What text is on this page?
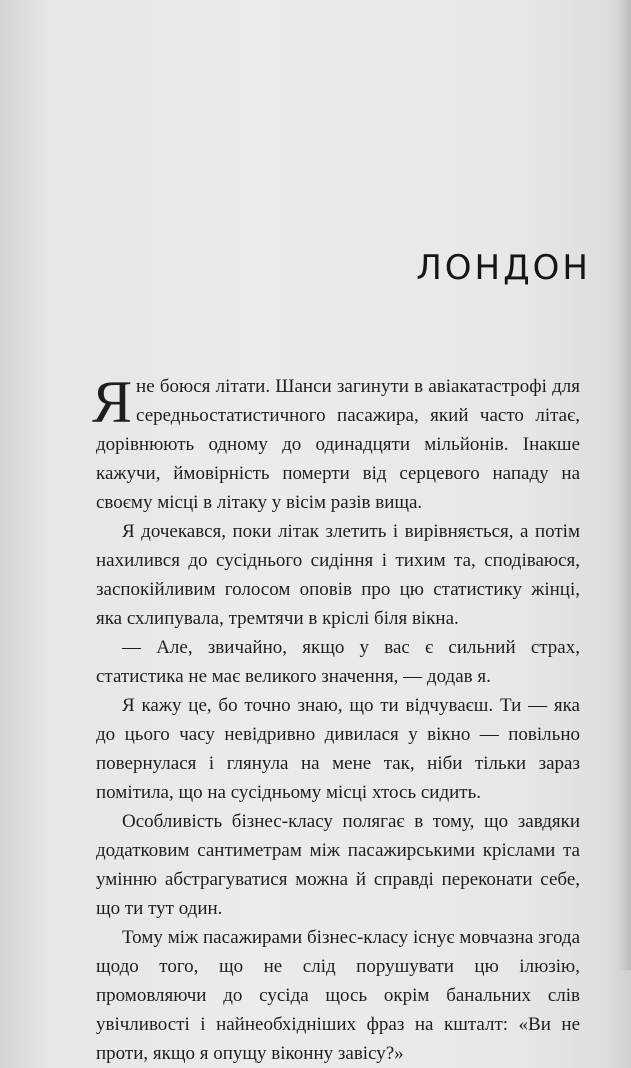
ЛОНДОН

Я не боюся літати. Шанси загинути в авіакатастрофі для середньостатистичного пасажира, який часто літає, дорівнюють одному до одинадцяти мільйонів. Інакше кажучи, ймовірність померти від серцевого нападу на своєму місці в літаку у вісім разів вища.

Я дочекався, поки літак злетить і вирівняється, а потім нахилився до сусіднього сидіння і тихим та, сподіваюся, заспокійливим голосом оповів про цю статистику жінці, яка схлипувала, тремтячи в кріслі біля вікна.

— Але, звичайно, якщо у вас є сильний страх, статистика не має великого значення, — додав я.

Я кажу це, бо точно знаю, що ти відчуваєш. Ти — яка до цього часу невідривно дивилася у вікно — повільно повернулася і глянула на мене так, ніби тільки зараз помітила, що на сусідньому місці хтось сидить.

Особливість бізнес-класу полягає в тому, що завдяки додатковим сантиметрам між пасажирськими кріслами та умінню абстрагуватися можна й справді переконати себе, що ти тут один.

Тому між пасажирами бізнес-класу існує мовчазна згода щодо того, що не слід порушувати цю ілюзію, промовляючи до сусіда щось окрім банальних слів увічливості і найнеобхідніших фраз на кшталт: «Ви не проти, якщо я опущу віконну завісу?»
